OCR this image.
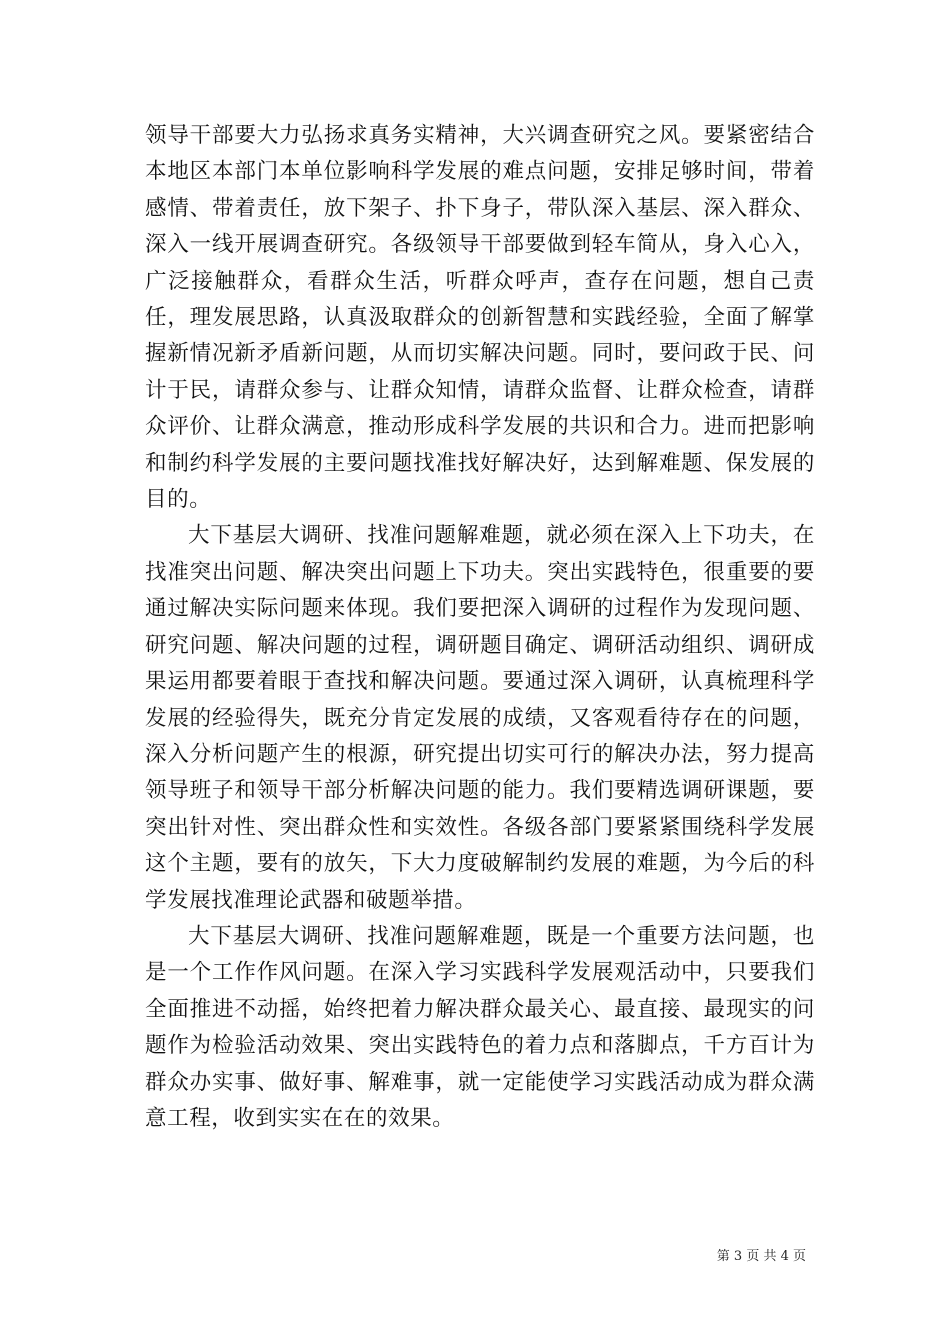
领导干部要大力弘扬求真务实精神，大兴调查研究之风。要紧密结合本地区本部门本单位影响科学发展的难点问题，安排足够时间，带着感情、带着责任，放下架子、扑下身子，带队深入基层、深入群众、深入一线开展调查研究。各级领导干部要做到轻车简从，身入心入，广泛接触群众，看群众生活，听群众呼声，查存在问题，想自己责任，理发展思路，认真汲取群众的创新智慧和实践经验，全面了解掌握新情况新矛盾新问题，从而切实解决问题。同时，要问政于民、问计于民，请群众参与、让群众知情，请群众监督、让群众检查，请群众评价、让群众满意，推动形成科学发展的共识和合力。进而把影响和制约科学发展的主要问题找准找好解决好，达到解难题、保发展的目的。

大下基层大调研、找准问题解难题，就必须在深入上下功夫，在找准突出问题、解决突出问题上下功夫。突出实践特色，很重要的要通过解决实际问题来体现。我们要把深入调研的过程作为发现问题、研究问题、解决问题的过程，调研题目确定、调研活动组织、调研成果运用都要着眼于查找和解决问题。要通过深入调研，认真梳理科学发展的经验得失，既充分肯定发展的成绩，又客观看待存在的问题，深入分析问题产生的根源，研究提出切实可行的解决办法，努力提高领导班子和领导干部分析解决问题的能力。我们要精选调研课题，要突出针对性、突出群众性和实效性。各级各部门要紧紧围绕科学发展这个主题，要有的放矢，下大力度破解制约发展的难题，为今后的科学发展找准理论武器和破题举措。

大下基层大调研、找准问题解难题，既是一个重要方法问题，也是一个工作作风问题。在深入学习实践科学发展观活动中，只要我们全面推进不动摇，始终把着力解决群众最关心、最直接、最现实的问题作为检验活动效果、突出实践特色的着力点和落脚点，千方百计为群众办实事、做好事、解难事，就一定能使学习实践活动成为群众满意工程，收到实实在在的效果。

第 3 页 共 4 页
